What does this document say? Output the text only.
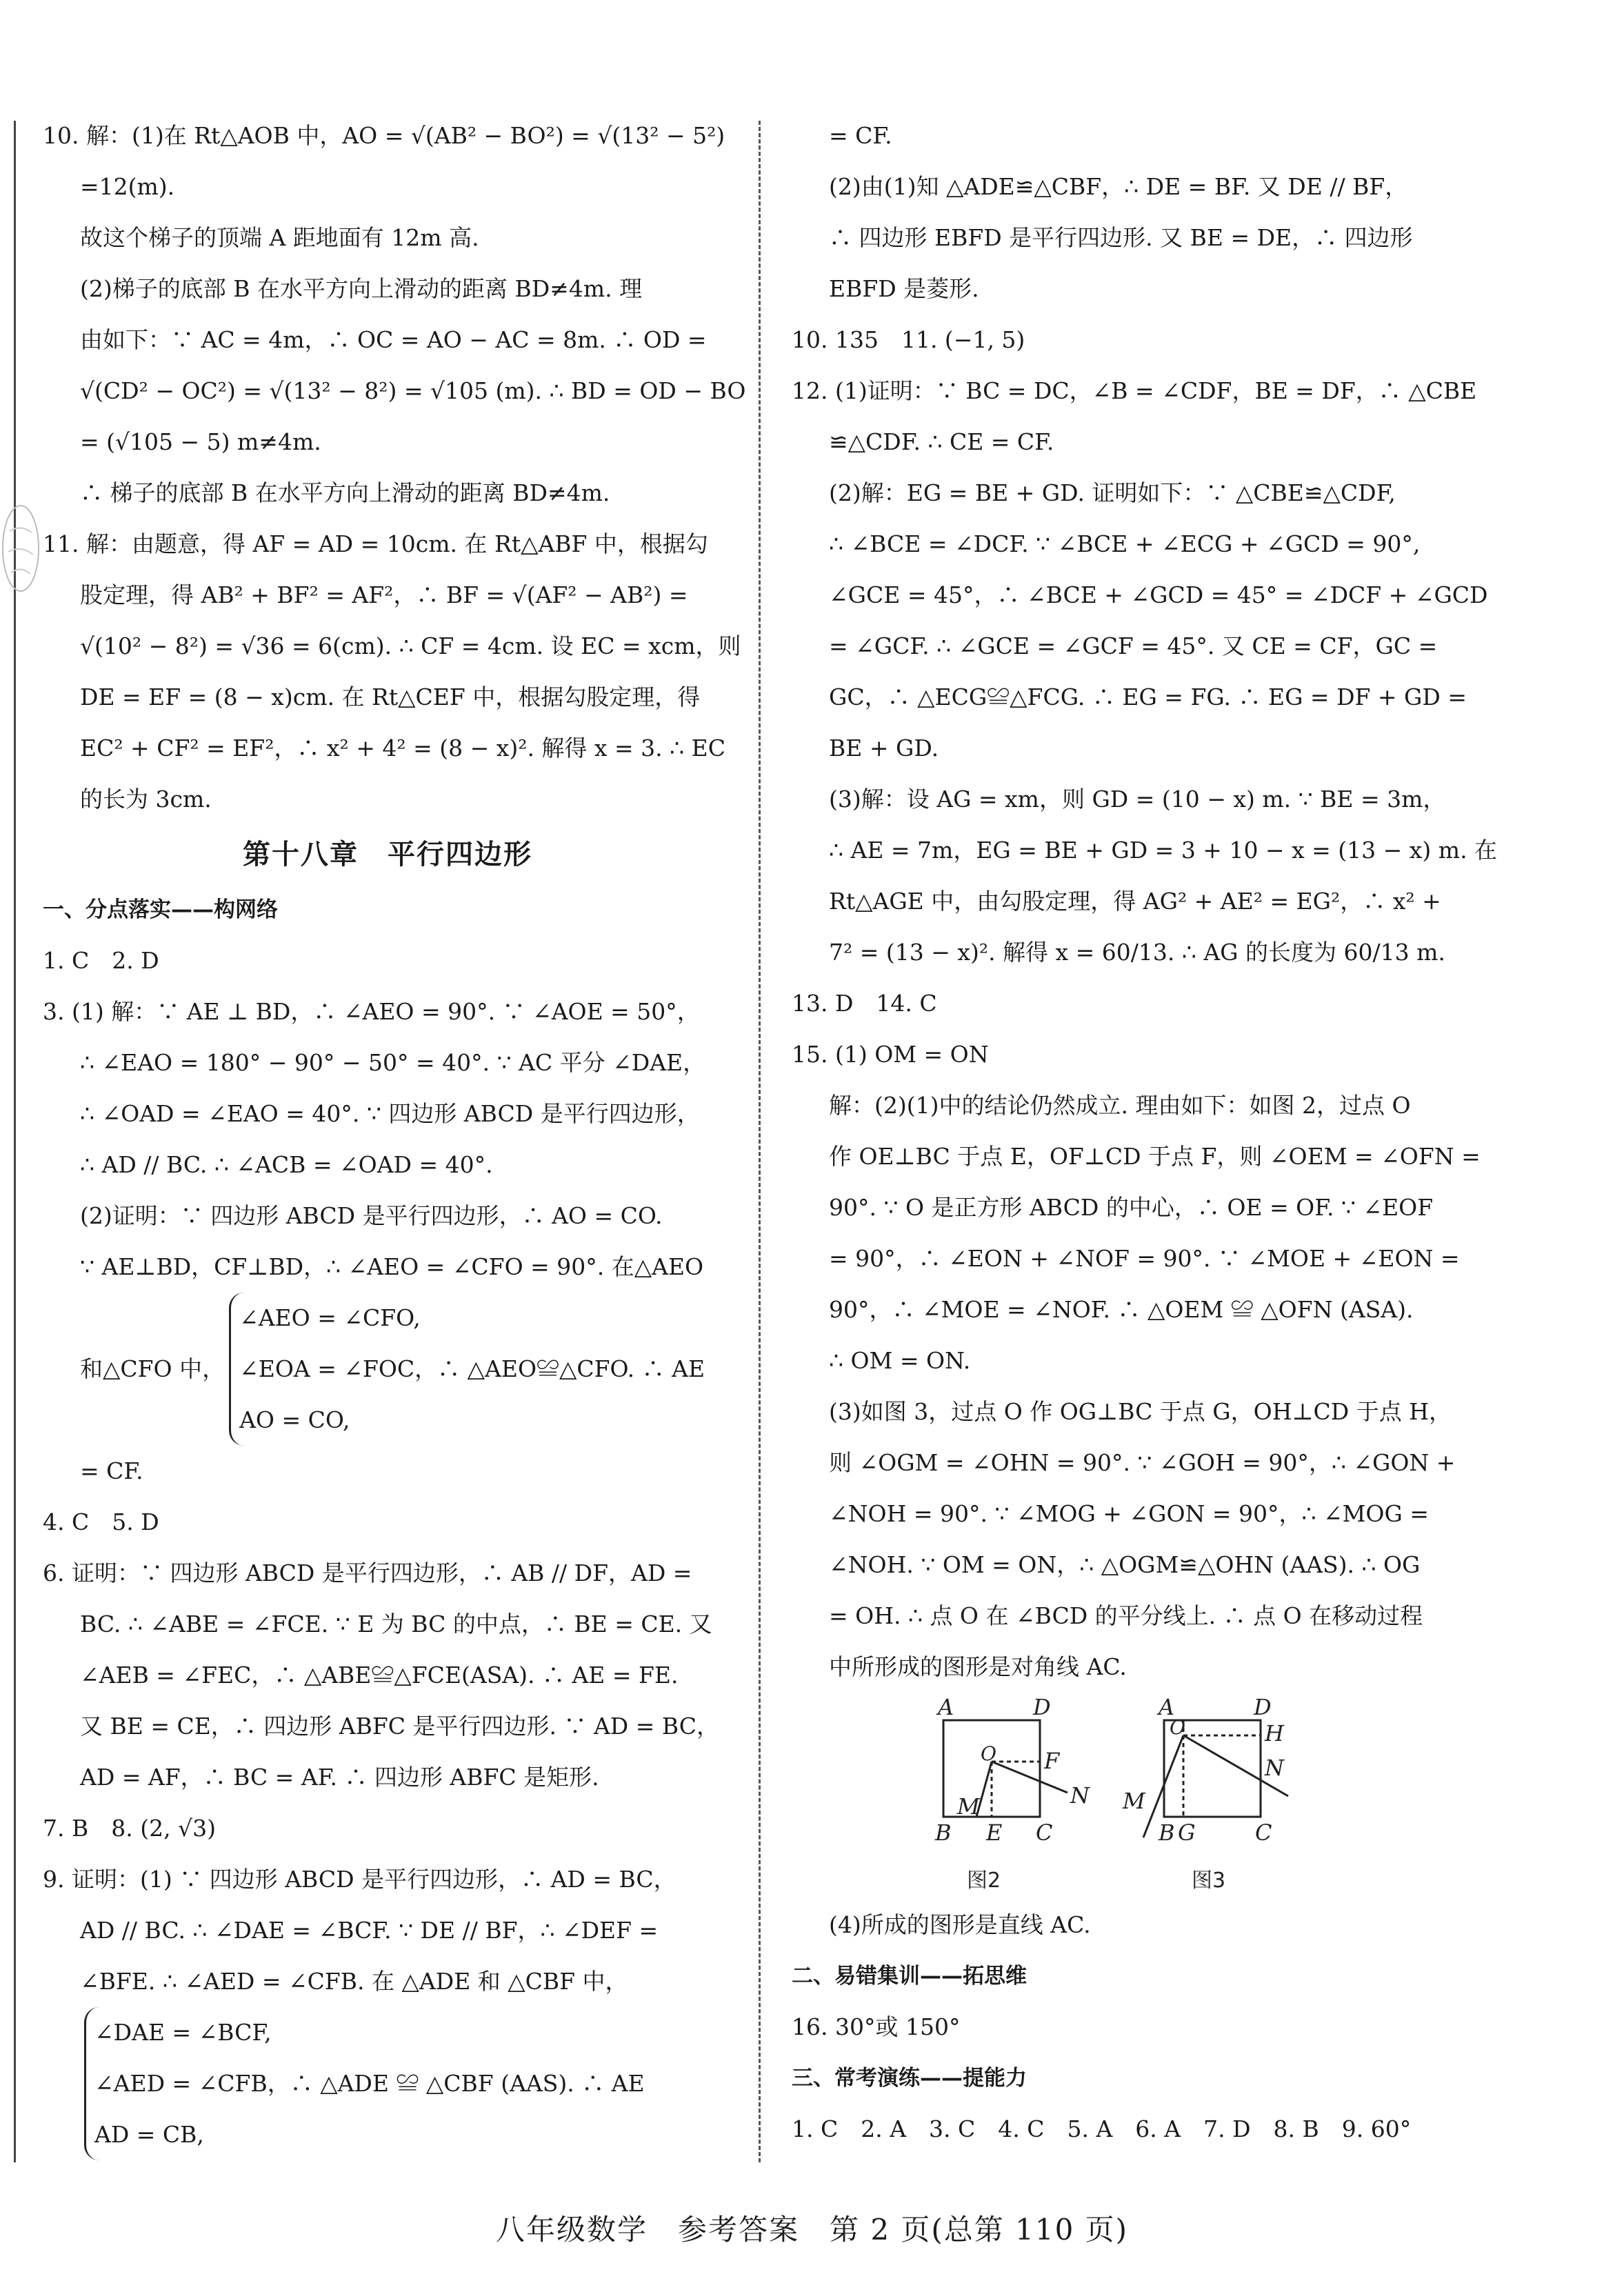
10. 解：(1)在 Rt△AOB 中，AO = √(AB² − BO²) = √(13² − 5²)
=12(m).
故这个梯子的顶端 A 距地面有 12m 高.
(2)梯子的底部 B 在水平方向上滑动的距离 BD≠4m. 理
由如下：∵ AC = 4m，∴ OC = AO − AC = 8m. ∴ OD =
√(CD² − OC²) = √(13² − 8²) = √105 (m). ∴ BD = OD − BO
= (√105 − 5) m≠4m.
∴ 梯子的底部 B 在水平方向上滑动的距离 BD≠4m.
11. 解：由题意，得 AF = AD = 10cm. 在 Rt△ABF 中，根据勾
股定理，得 AB² + BF² = AF²，∴ BF = √(AF² − AB²) =
√(10² − 8²) = √36 = 6(cm). ∴ CF = 4cm. 设 EC = xcm，则
DE = EF = (8 − x)cm. 在 Rt△CEF 中，根据勾股定理，得
EC² + CF² = EF²，∴ x² + 4² = (8 − x)². 解得 x = 3. ∴ EC
的长为 3cm.
第十八章　平行四边形
一、分点落实——构网络
1. C　2. D
3. (1) 解：∵ AE ⊥ BD，∴ ∠AEO = 90°. ∵ ∠AOE = 50°，
∴ ∠EAO = 180° − 90° − 50° = 40°. ∵ AC 平分 ∠DAE，
∴ ∠OAD = ∠EAO = 40°. ∵ 四边形 ABCD 是平行四边形，
∴ AD // BC. ∴ ∠ACB = ∠OAD = 40°.
(2)证明：∵ 四边形 ABCD 是平行四边形，∴ AO = CO.
∵ AE⊥BD，CF⊥BD，∴ ∠AEO = ∠CFO = 90°. 在△AEO
和△CFO 中，
∠AEO = ∠CFO,
∠EOA = ∠FOC，∴ △AEO≌△CFO. ∴ AE
AO = CO,
= CF.
4. C　5. D
6. 证明：∵ 四边形 ABCD 是平行四边形，∴ AB // DF，AD =
BC. ∴ ∠ABE = ∠FCE. ∵ E 为 BC 的中点，∴ BE = CE. 又
∠AEB = ∠FEC，∴ △ABE≌△FCE(ASA). ∴ AE = FE.
又 BE = CE，∴ 四边形 ABFC 是平行四边形. ∵ AD = BC，
AD = AF，∴ BC = AF. ∴ 四边形 ABFC 是矩形.
7. B　8. (2, √3)
9. 证明：(1) ∵ 四边形 ABCD 是平行四边形，∴ AD = BC，
AD // BC. ∴ ∠DAE = ∠BCF. ∵ DE // BF，∴ ∠DEF =
∠BFE. ∴ ∠AED = ∠CFB. 在 △ADE 和 △CBF 中，
∠DAE = ∠BCF,
∠AED = ∠CFB，∴ △ADE ≌ △CBF (AAS). ∴ AE
AD = CB,
= CF.
(2)由(1)知 △ADE≌△CBF，∴ DE = BF. 又 DE // BF，
∴ 四边形 EBFD 是平行四边形. 又 BE = DE，∴ 四边形
EBFD 是菱形.
10. 135　11. (−1, 5)
12. (1)证明：∵ BC = DC，∠B = ∠CDF，BE = DF，∴ △CBE
≌△CDF. ∴ CE = CF.
(2)解：EG = BE + GD. 证明如下：∵ △CBE≌△CDF,
∴ ∠BCE = ∠DCF. ∵ ∠BCE + ∠ECG + ∠GCD = 90°,
∠GCE = 45°，∴ ∠BCE + ∠GCD = 45° = ∠DCF + ∠GCD
= ∠GCF. ∴ ∠GCE = ∠GCF = 45°. 又 CE = CF，GC =
GC，∴ △ECG≌△FCG. ∴ EG = FG. ∴ EG = DF + GD =
BE + GD.
(3)解：设 AG = xm，则 GD = (10 − x) m. ∵ BE = 3m，
∴ AE = 7m，EG = BE + GD = 3 + 10 − x = (13 − x) m. 在
Rt△AGE 中，由勾股定理，得 AG² + AE² = EG²，∴ x² +
7² = (13 − x)². 解得 x = 60/13. ∴ AG 的长度为 60/13 m.
13. D　14. C
15. (1) OM = ON
解：(2)(1)中的结论仍然成立. 理由如下：如图 2，过点 O
作 OE⊥BC 于点 E，OF⊥CD 于点 F，则 ∠OEM = ∠OFN =
90°. ∵ O 是正方形 ABCD 的中心，∴ OE = OF. ∵ ∠EOF
= 90°，∴ ∠EON + ∠NOF = 90°. ∵ ∠MOE + ∠EON =
90°，∴ ∠MOE = ∠NOF. ∴ △OEM ≌ △OFN (ASA).
∴ OM = ON.
(3)如图 3，过点 O 作 OG⊥BC 于点 G，OH⊥CD 于点 H，
则 ∠OGM = ∠OHN = 90°. ∵ ∠GOH = 90°，∴ ∠GON +
∠NOH = 90°. ∵ ∠MOG + ∠GON = 90°，∴ ∠MOG =
∠NOH. ∵ OM = ON，∴ △OGM≌△OHN (AAS). ∴ OG
= OH. ∴ 点 O 在 ∠BCD 的平分线上. ∴ 点 O 在移动过程
中所形成的图形是对角线 AC.
A	D
O F
M	N
B E C
图2
A	D
O	H
N
M
B G	C
图3
(4)所成的图形是直线 AC.
二、易错集训——拓思维
16. 30°或 150°
三、常考演练——提能力
1. C　2. A　3. C　4. C　5. A　6. A　7. D　8. B　9. 60°
八年级数学　参考答案　第 2 页(总第 110 页)
